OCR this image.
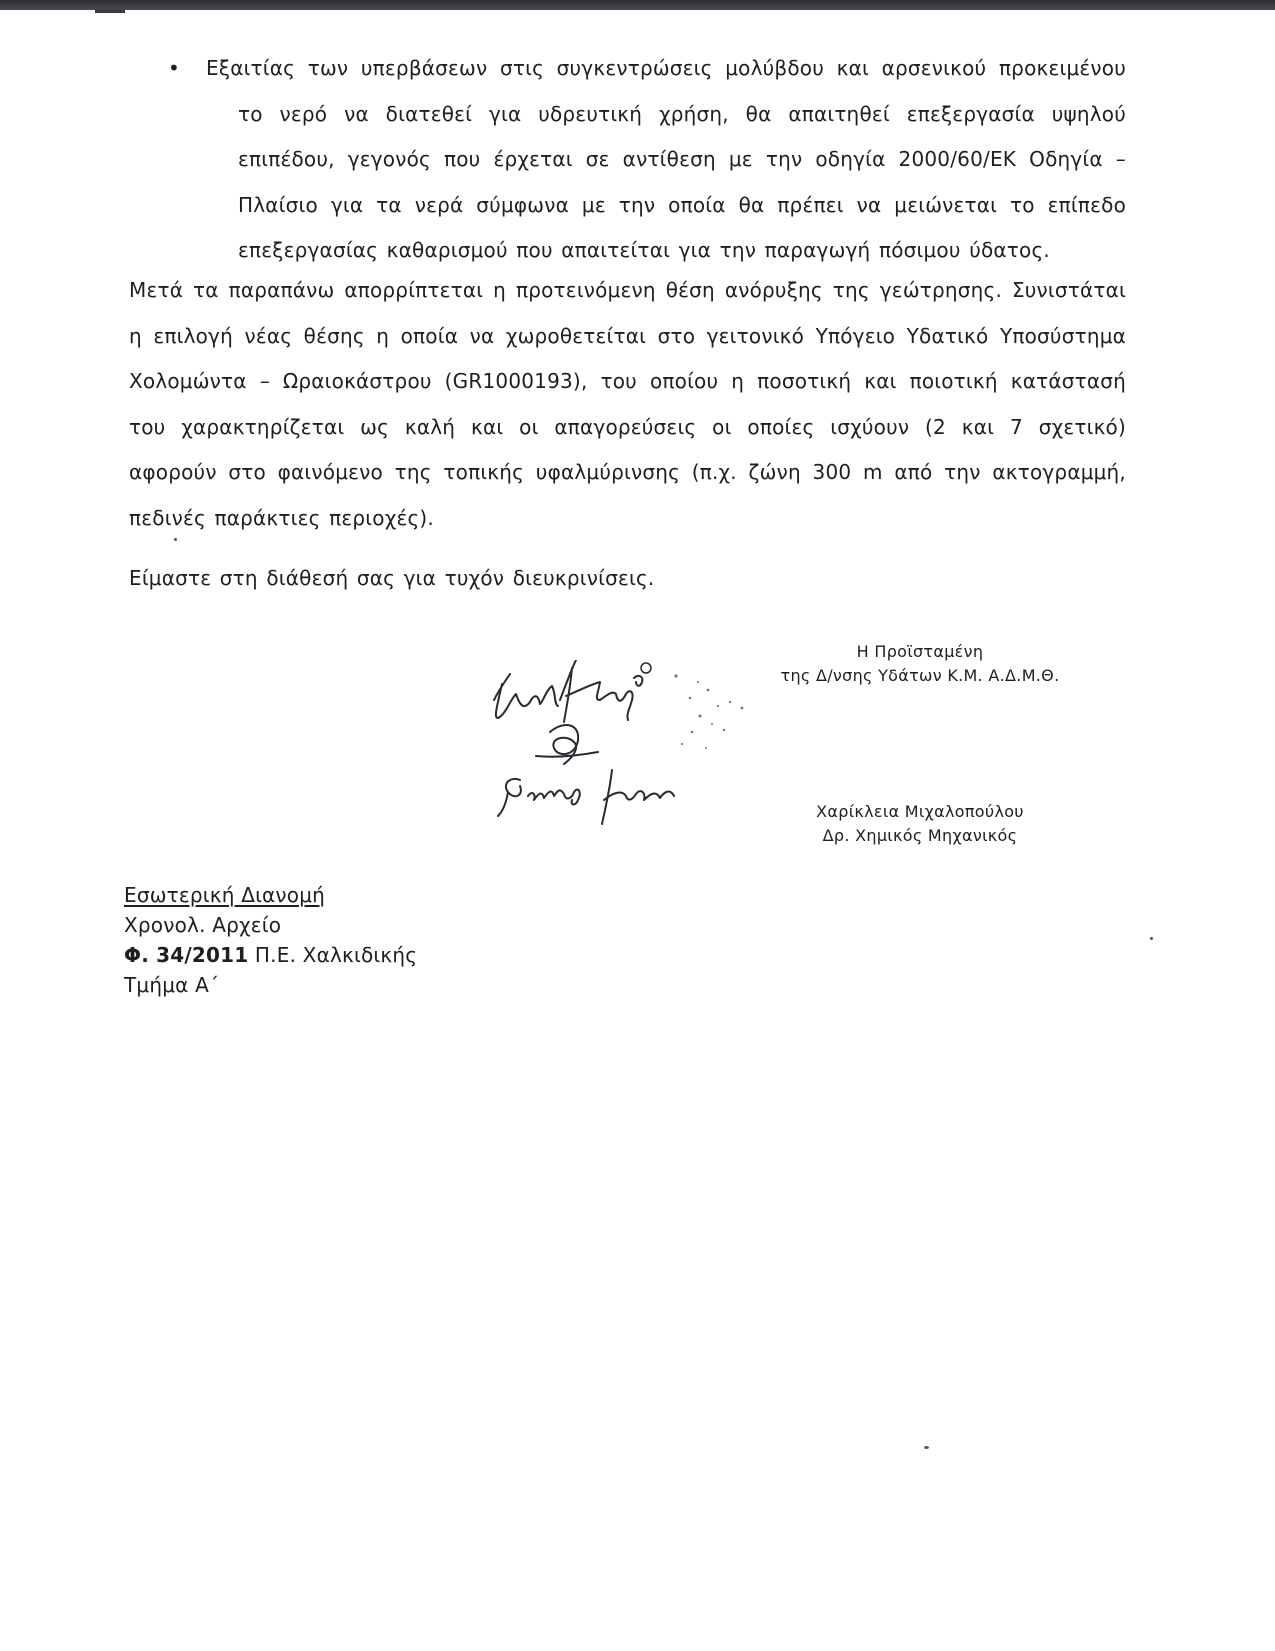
• Εξαιτίας των υπερβάσεων στις συγκεντρώσεις μολύβδου και αρσενικού προκειμένου το νερό να διατεθεί για υδρευτική χρήση, θα απαιτηθεί επεξεργασία υψηλού επιπέδου, γεγονός που έρχεται σε αντίθεση με την οδηγία 2000/60/ΕΚ Οδηγία – Πλαίσιο για τα νερά σύμφωνα με την οποία θα πρέπει να μειώνεται το επίπεδο επεξεργασίας καθαρισμού που απαιτείται για την παραγωγή πόσιμου ύδατος.

Μετά τα παραπάνω απορρίπτεται η προτεινόμενη θέση ανόρυξης της γεώτρησης. Συνιστάται η επιλογή νέας θέσης η οποία να χωροθετείται στο γειτονικό Υπόγειο Υδατικό Υποσύστημα Χολομώντα – Ωραιοκάστρου (GR1000193), του οποίου η ποσοτική και ποιοτική κατάστασή του χαρακτηρίζεται ως καλή και οι απαγορεύσεις οι οποίες ισχύουν (2 και 7 σχετικό) αφορούν στο φαινόμενο της τοπικής υφαλμύρινσης (π.χ. ζώνη 300 m από την ακτογραμμή, πεδινές παράκτιες περιοχές).

Είμαστε στη διάθεσή σας για τυχόν διευκρινίσεις.

Η Προϊσταμένη
της Δ/νσης Υδάτων Κ.Μ. Α.Δ.Μ.Θ.
Χαρίκλεια Μιχαλοπούλου
Δρ. Χημικός Μηχανικός
Εσωτερική Διανομή
Χρονολ. Αρχείο
Φ. 34/2011 Π.Ε. Χαλκιδικής
Τμήμα Α΄
